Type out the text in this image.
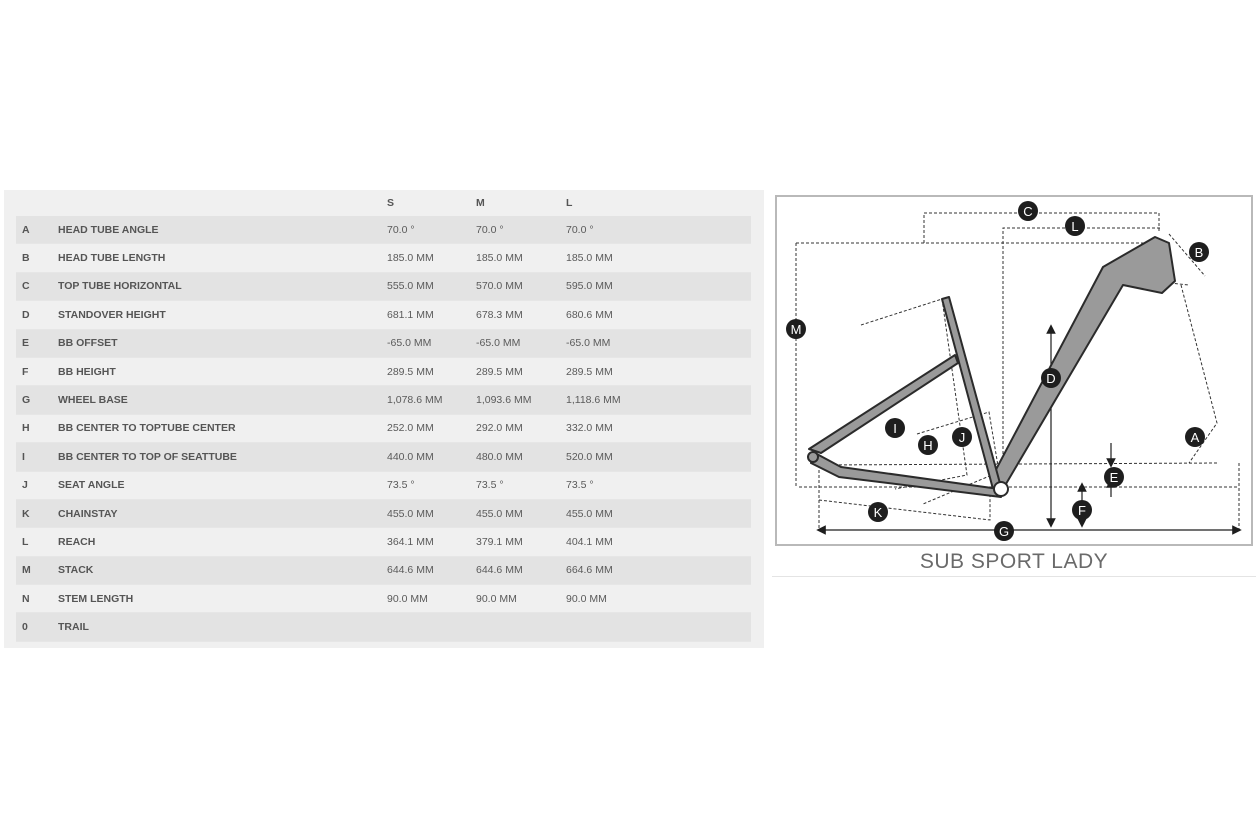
		S	M	L
A	HEAD TUBE ANGLE	70.0 °	70.0 °	70.0 °
B	HEAD TUBE LENGTH	185.0 MM	185.0 MM	185.0 MM
C	TOP TUBE HORIZONTAL	555.0 MM	570.0 MM	595.0 MM
D	STANDOVER HEIGHT	681.1 MM	678.3 MM	680.6 MM
E	BB OFFSET	-65.0 MM	-65.0 MM	-65.0 MM
F	BB HEIGHT	289.5 MM	289.5 MM	289.5 MM
G	WHEEL BASE	1,078.6 MM	1,093.6 MM	1,118.6 MM
H	BB CENTER TO TOPTUBE CENTER	252.0 MM	292.0 MM	332.0 MM
I	BB CENTER TO TOP OF SEATTUBE	440.0 MM	480.0 MM	520.0 MM
J	SEAT ANGLE	73.5 °	73.5 °	73.5 °
K	CHAINSTAY	455.0 MM	455.0 MM	455.0 MM
L	REACH	364.1 MM	379.1 MM	404.1 MM
M	STACK	644.6 MM	644.6 MM	664.6 MM
N	STEM LENGTH	90.0 MM	90.0 MM	90.0 MM
0	TRAIL			
C
L
B
M
D
I
H
J	A
E
F
K
G
SUB SPORT LADY
